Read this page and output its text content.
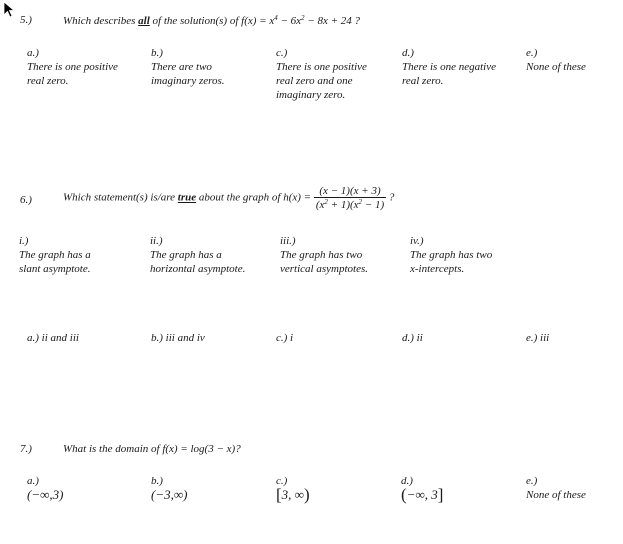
5.)	Which describes all of the solution(s) of $f(x) = x^4 - 6x^2 - 8x + 24$ ?
a.)
There is one positive
real zero.
b.)
There are two
imaginary zeros.
c.)
There is one positive
real zero and one
imaginary zero.
d.)
There is one negative
real zero.
e.)
None of these
6.)	Which statement(s) is/are true about the graph of $h(x) = \frac{(x - 1)(x + 3)}{(x^2 + 1)(x^2 - 1)}$ ?
i.)
The graph has a
slant asymptote.
ii.)
The graph has a
horizontal asymptote.
iii.)
The graph has two
vertical asymptotes.
iv.)
The graph has two
x-intercepts.
a.) ii and iii	b.) iii and iv	c.) i	d.) ii	e.) iii
7.)	What is the domain of f(x) = log(3 − x)?
a.)
(−∞,3)
b.)
(−3,∞)
c.)
[3, ∞)
d.)
(−∞, 3]
e.)
None of these
